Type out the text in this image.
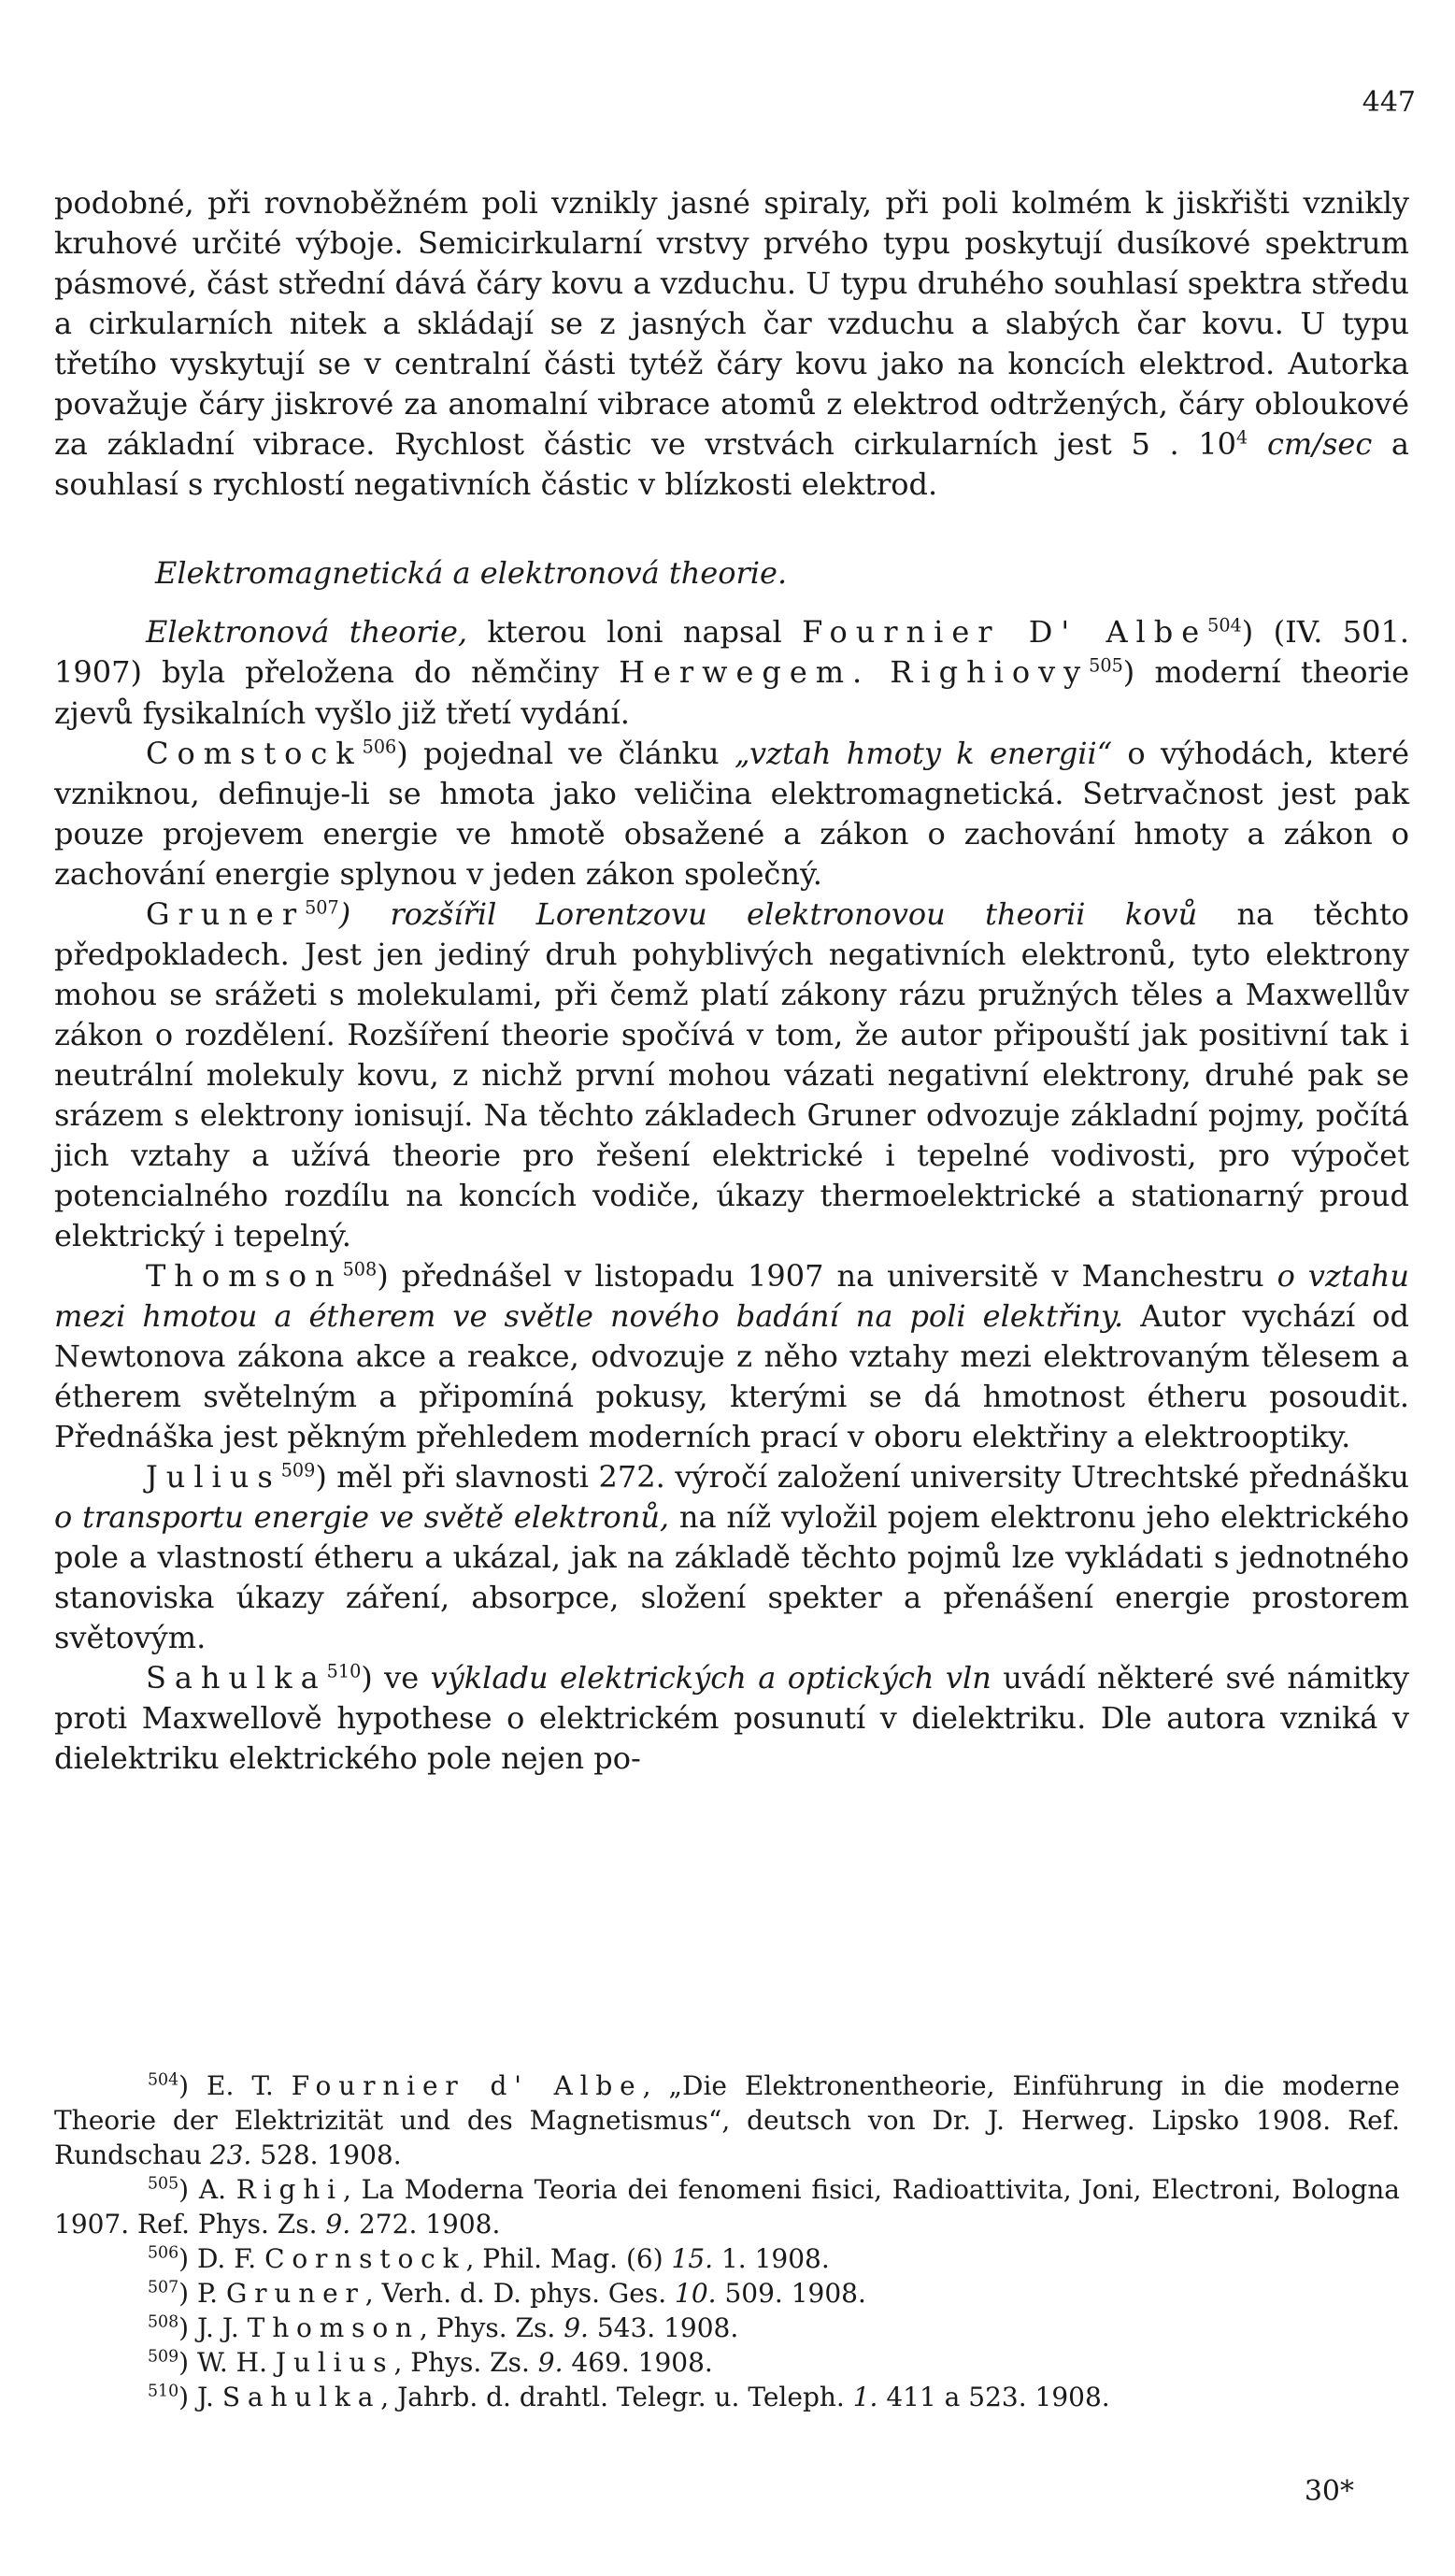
447

podobné, při rovnoběžném poli vznikly jasné spiraly, při poli kolmém k jiskřišti vznikly kruhové určité výboje. Semicirkularní vrstvy prvého typu poskytují dusíkové spektrum pásmové, část střední dává čáry kovu a vzduchu. U typu druhého souhlasí spektra středu a cirkularních nitek a skládají se z jasných čar vzduchu a slabých čar kovu. U typu třetího vyskytují se v centralní části tytéž čáry kovu jako na koncích elektrod. Autorka považuje čáry jiskrové za anomalní vibrace atomů z elektrod odtržených, čáry obloukové za základní vibrace. Rychlost částic ve vrstvách cirkularních jest 5 . $10^4$ cm/sec a souhlasí s rychlostí negativních částic v blízkosti elektrod.

Elektromagnetická a elektronová theorie.

Elektronová theorie, kterou loni napsal Fournier D' Albe$^{504}$) (IV. 501. 1907) byla přeložena do němčiny Herwegem. Righiovy$^{505}$) moderní theorie zjevů fysikalních vyšlo již třetí vydání.

Comstock$^{506}$) pojednal ve článku „vztah hmoty k energii“ o výhodách, které vzniknou, definuje-li se hmota jako veličina elektromagnetická. Setrvačnost jest pak pouze projevem energie ve hmotě obsažené a zákon o zachování hmoty a zákon o zachování energie splynou v jeden zákon společný.

Gruner$^{507}$) rozšířil Lorentzovu elektronovou theorii kovů na těchto předpokladech. Jest jen jediný druh pohyblivých negativních elektronů, tyto elektrony mohou se srážeti s molekulami, při čemž platí zákony rázu pružných těles a Maxwellův zákon o rozdělení. Rozšíření theorie spočívá v tom, že autor připouští jak positivní tak i neutrální molekuly kovu, z nichž první mohou vázati negativní elektrony, druhé pak se srázem s elektrony ionisují. Na těchto základech Gruner odvozuje základní pojmy, počítá jich vztahy a užívá theorie pro řešení elektrické i tepelné vodivosti, pro výpočet potencialného rozdílu na koncích vodiče, úkazy thermoelektrické a stationarný proud elektrický i tepelný.

Thomson$^{508}$) přednášel v listopadu 1907 na universitě v Manchestru o vztahu mezi hmotou a étherem ve světle nového badání na poli elektřiny. Autor vychází od Newtonova zákona akce a reakce, odvozuje z něho vztahy mezi elektrovaným tělesem a étherem světelným a připomíná pokusy, kterými se dá hmotnost étheru posoudit. Přednáška jest pěkným přehledem moderních prací v oboru elektřiny a elektrooptiky.

Julius$^{509}$) měl při slavnosti 272. výročí založení university Utrechtské přednášku o transportu energie ve světě elektronů, na níž vyložil pojem elektronu jeho elektrického pole a vlastností étheru a ukázal, jak na základě těchto pojmů lze vykládati s jednotného stanoviska úkazy záření, absorpce, složení spekter a přenášení energie prostorem světovým.

Sahulka$^{510}$) ve výkladu elektrických a optických vln uvádí některé své námitky proti Maxwellově hypothese o elektrickém posunutí v dielektriku. Dle autora vzniká v dielektriku elektrického pole nejen po-

$^{504}$) E. T. Fournier d' Albe, „Die Elektronentheorie, Einführung in die moderne Theorie der Elektrizität und des Magnetismus“, deutsch von Dr. J. Herweg. Lipsko 1908. Ref. Rundschau 23. 528. 1908.

$^{505}$) A. Righi, La Moderna Teoria dei fenomeni fisici, Radioattivita, Joni, Electroni, Bologna 1907. Ref. Phys. Zs. 9. 272. 1908.

$^{506}$) D. F. Cornstock, Phil. Mag. (6) 15. 1. 1908.

$^{507}$) P. Gruner, Verh. d. D. phys. Ges. 10. 509. 1908.

$^{508}$) J. J. Thomson, Phys. Zs. 9. 543. 1908.

$^{509}$) W. H. Julius, Phys. Zs. 9. 469. 1908.

$^{510}$) J. Sahulka, Jahrb. d. drahtl. Telegr. u. Teleph. 1. 411 a 523. 1908.

30*
